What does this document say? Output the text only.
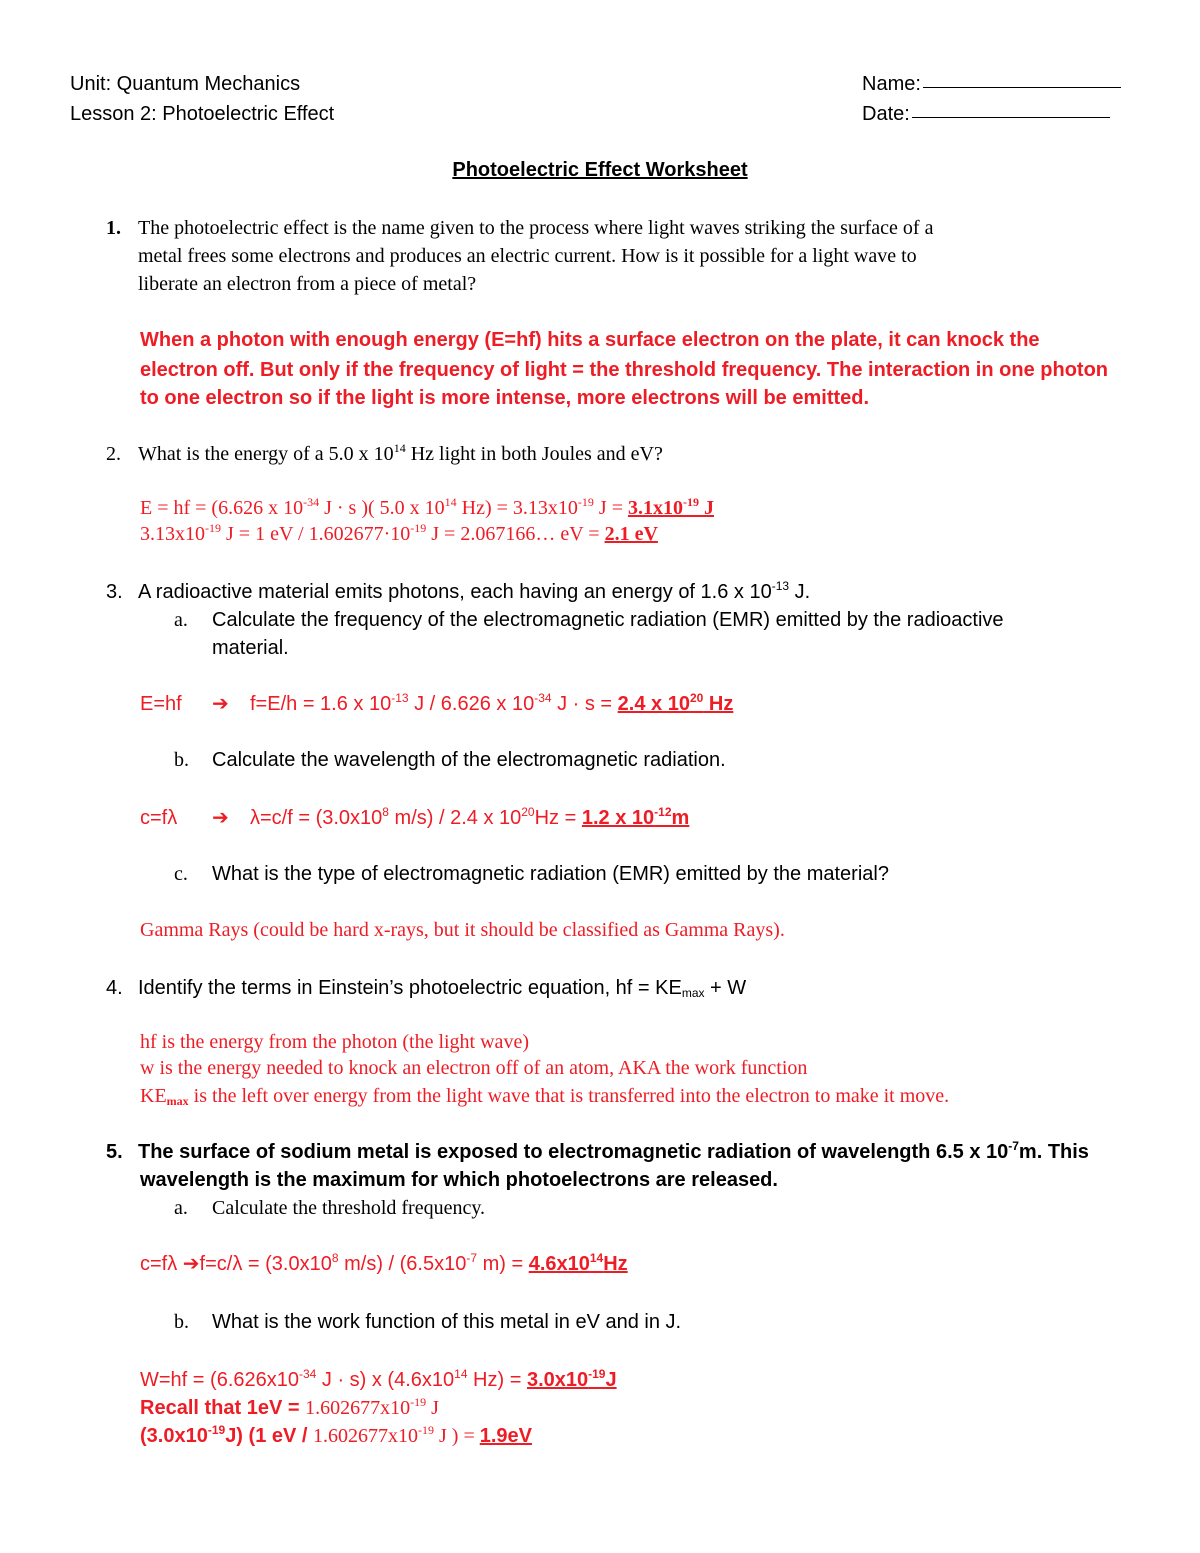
Unit: Quantum Mechanics
Lesson 2: Photoelectric Effect
Name:
Date:
Photoelectric Effect Worksheet
1. The photoelectric effect is the name given to the process where light waves striking the surface of a
metal frees some electrons and produces an electric current. How is it possible for a light wave to
liberate an electron from a piece of metal?
When a photon with enough energy (E=hf) hits a surface electron on the plate, it can knock the
electron off. But only if the frequency of light = the threshold frequency. The interaction in one photon
to one electron so if the light is more intense, more electrons will be emitted.
2. What is the energy of a 5.0 x $10^{14}$ Hz light in both Joules and eV?
E = hf = (6.626 x $10^{-34}$ J · s )( 5.0 x $10^{14}$ $Hz) = 3.13x10^{-19}$ $J = 3.1x10^{-19}$ J
$3.13x10^{-19}$ J = 1 eV / $1.602677\cdot 10^{-19}$ J = 2.067166… eV = 2.1 eV
3. A radioactive material emits photons, each having an energy of 1.6 x $10^{-13}$ J.
a. Calculate the frequency of the electromagnetic radiation (EMR) emitted by the radioactive
material.
E=hf ➔ f=E/h = 1.6 x $10^{-13}$ J / 6.626 x $10^{-34}$ J · s = 2.4 x $10^{20}$ Hz
b. Calculate the wavelength of the electromagnetic radiation.
c=fλ ➔ $\lambda=c/f = (3.0x10^8$ m/s) / 2.4 x $10^{20}Hz = 1.2$ x $10^{-12}m$
c. What is the type of electromagnetic radiation (EMR) emitted by the material?
Gamma Rays (could be hard x-rays, but it should be classified as Gamma Rays).
4. Identify the terms in Einstein’s photoelectric equation, hf = $KE_{max} + W$
hf is the energy from the photon (the light wave)
w is the energy needed to knock an electron off of an atom, AKA the work function
$KE_{max}$ is the left over energy from the light wave that is transferred into the electron to make it move.
5. The surface of sodium metal is exposed to electromagnetic radiation of wavelength 6.5 x $10^{-7}m$. This
wavelength is the maximum for which photoelectrons are released.
a. Calculate the threshold frequency.
c=fλ ➔f=c/λ = ($3.0x10^8$ $m/s) / (6.5x10^{-7}$ $m) = 4.6x10^{14}Hz$
b. What is the work function of this metal in eV and in J.
$W=hf = (6.626x10^{-34}$ J · s) x ($4.6x10^{14}$ $Hz) = 3.0x10^{-19}J$
Recall that $1eV = 1.602677x10^{-19}$ J
$(3.0x10^{-19}J)$ (1 eV / $1.602677x10^{-19}$ J ) = 1.9eV
